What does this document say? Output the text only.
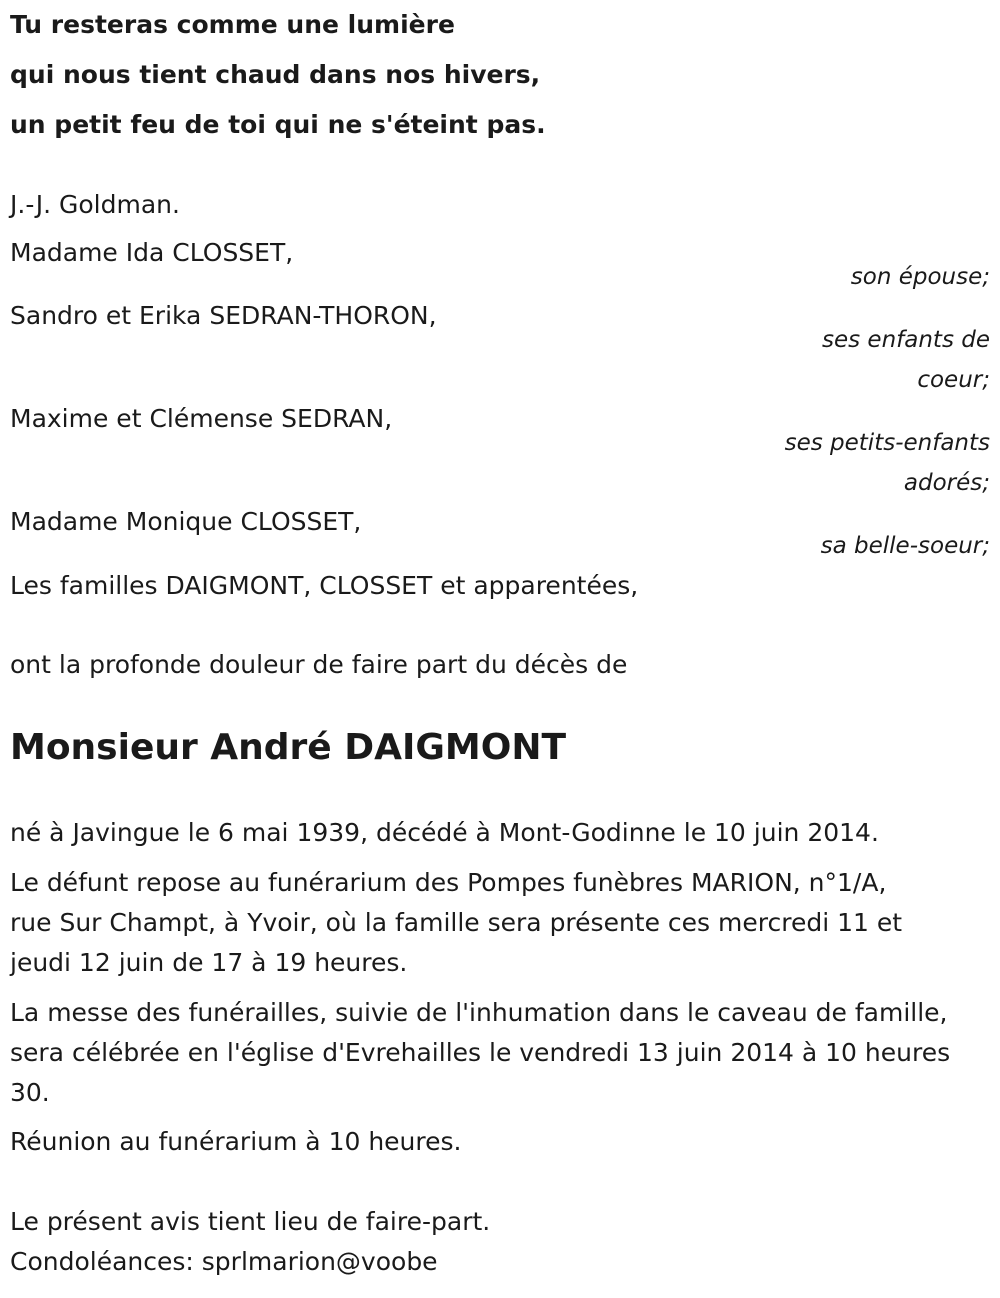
Tu resteras comme une lumière
qui nous tient chaud dans nos hivers,
un petit feu de toi qui ne s'éteint pas.
J.-J. Goldman.
Madame Ida CLOSSET,
son épouse;
Sandro et Erika SEDRAN-THORON,
ses enfants de
coeur;
Maxime et Clémense SEDRAN,
ses petits-enfants
adorés;
Madame Monique CLOSSET,
sa belle-soeur;
Les familles DAIGMONT, CLOSSET et apparentées,
ont la profonde douleur de faire part du décès de
Monsieur André DAIGMONT
né à Javingue le 6 mai 1939, décédé à Mont-Godinne le 10 juin 2014.
Le défunt repose au funérarium des Pompes funèbres MARION, n°1/A,
rue Sur Champt, à Yvoir, où la famille sera présente ces mercredi 11 et
jeudi 12 juin de 17 à 19 heures.
La messe des funérailles, suivie de l'inhumation dans le caveau de famille,
sera célébrée en l'église d'Evrehailles le vendredi 13 juin 2014 à 10 heures
30.
Réunion au funérarium à 10 heures.
Le présent avis tient lieu de faire-part.
Condoléances: sprlmarion@voobe
